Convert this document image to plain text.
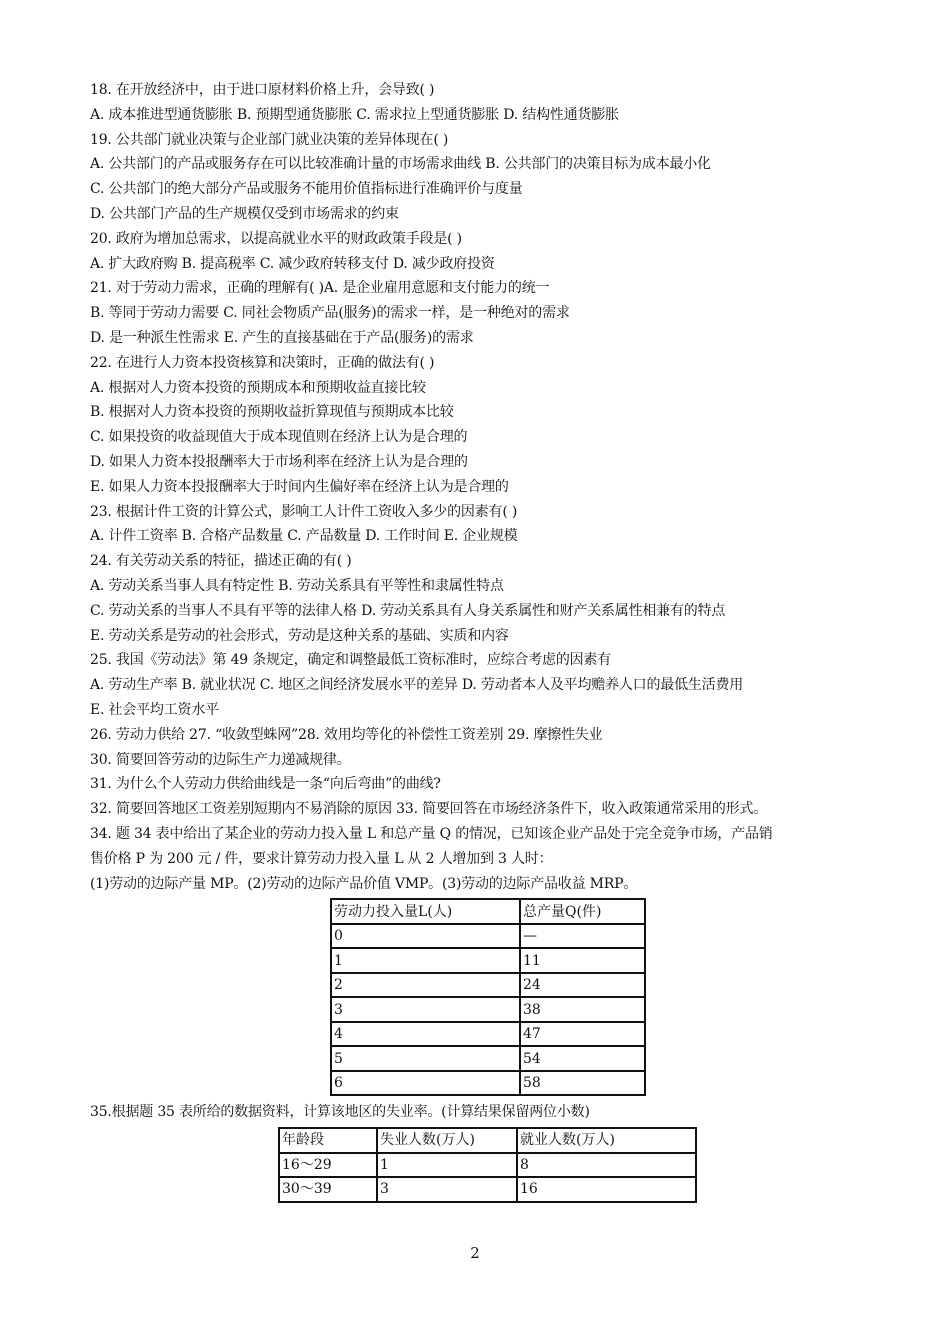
18. 在开放经济中，由于进口原材料价格上升，会导致( )
A. 成本推进型通货膨胀 B. 预期型通货膨胀 C. 需求拉上型通货膨胀 D. 结构性通货膨胀
19. 公共部门就业决策与企业部门就业决策的差异体现在( )
A. 公共部门的产品或服务存在可以比较准确计量的市场需求曲线 B. 公共部门的决策目标为成本最小化
C. 公共部门的绝大部分产品或服务不能用价值指标进行准确评价与度量
D. 公共部门产品的生产规模仅受到市场需求的约束
20. 政府为增加总需求，以提高就业水平的财政政策手段是( )
A. 扩大政府购 B. 提高税率 C. 减少政府转移支付 D. 减少政府投资
21. 对于劳动力需求，正确的理解有( )A. 是企业雇用意愿和支付能力的统一
B. 等同于劳动力需要 C. 同社会物质产品(服务)的需求一样，是一种绝对的需求
D. 是一种派生性需求 E. 产生的直接基础在于产品(服务)的需求
22. 在进行人力资本投资核算和决策时，正确的做法有( )
A. 根据对人力资本投资的预期成本和预期收益直接比较
B. 根据对人力资本投资的预期收益折算现值与预期成本比较
C. 如果投资的收益现值大于成本现值则在经济上认为是合理的
D. 如果人力资本投报酬率大于市场利率在经济上认为是合理的
E. 如果人力资本投报酬率大于时间内生偏好率在经济上认为是合理的
23. 根据计件工资的计算公式，影响工人计件工资收入多少的因素有( )
A. 计件工资率 B. 合格产品数量 C. 产品数量 D. 工作时间 E. 企业规模
24. 有关劳动关系的特征，描述正确的有( )
A. 劳动关系当事人具有特定性 B. 劳动关系具有平等性和隶属性特点
C. 劳动关系的当事人不具有平等的法律人格 D. 劳动关系具有人身关系属性和财产关系属性相兼有的特点
E. 劳动关系是劳动的社会形式，劳动是这种关系的基础、实质和内容
25. 我国《劳动法》第 49 条规定，确定和调整最低工资标准时，应综合考虑的因素有
A. 劳动生产率 B. 就业状况 C. 地区之间经济发展水平的差异 D. 劳动者本人及平均赡养人口的最低生活费用
E. 社会平均工资水平
26. 劳动力供给 27. “收敛型蛛网”28. 效用均等化的补偿性工资差别 29. 摩擦性失业
30. 简要回答劳动的边际生产力递减规律。
31. 为什么个人劳动力供给曲线是一条“向后弯曲”的曲线?
32. 简要回答地区工资差别短期内不易消除的原因 33. 简要回答在市场经济条件下，收入政策通常采用的形式。
34. 题 34 表中给出了某企业的劳动力投入量 L 和总产量 Q 的情况，已知该企业产品处于完全竞争市场，产品销
售价格 P 为 200 元 / 件，要求计算劳动力投入量 L 从 2 人增加到 3 人时：
(1)劳动的边际产量 MP。(2)劳动的边际产品价值 VMP。(3)劳动的边际产品收益 MRP。
劳动力投入量L(人)	总产量Q(件)
0	—
1	11
2	24
3	38
4	47
5	54
6	58
35.根据题 35 表所给的数据资料，计算该地区的失业率。(计算结果保留两位小数)
年龄段	失业人数(万人)	就业人数(万人)
16～29	1	8
30～39	3	16
2
